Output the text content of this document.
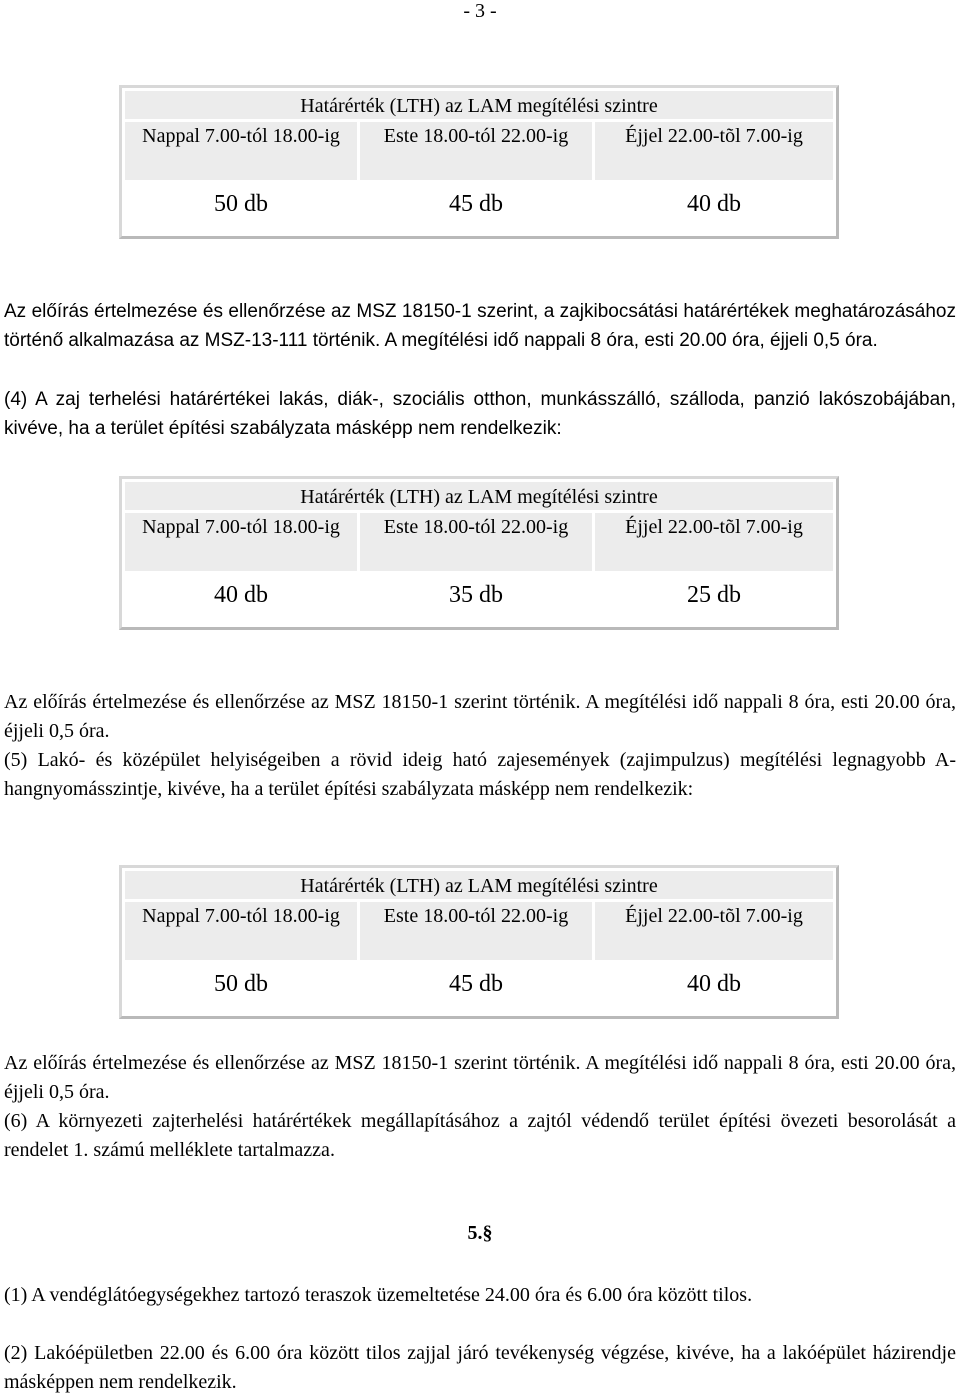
- 3 -
Határérték (LTH) az LAM megítélési szintre
Nappal 7.00-tól 18.00-ig	Este 18.00-tól 22.00-ig	Éjjel 22.00-tõl 7.00-ig
50 db	45 db	40 db

Az előírás értelmezése és ellenőrzése az MSZ 18150-1 szerint, a zajkibocsátási határértékek meghatározásához történő alkalmazása az MSZ-13-111 történik. A megítélési idő nappali 8 óra, esti 20.00 óra, éjjeli 0,5 óra.

(4) A zaj terhelési határértékei lakás, diák-, szociális otthon, munkásszálló, szálloda, panzió lakószobájában, kivéve, ha a terület építési szabályzata másképp nem rendelkezik:

Határérték (LTH) az LAM megítélési szintre
Nappal 7.00-tól 18.00-ig	Este 18.00-tól 22.00-ig	Éjjel 22.00-tõl 7.00-ig
40 db	35 db	25 db

Az előírás értelmezése és ellenőrzése az MSZ 18150-1 szerint történik. A megítélési idő nappali 8 óra, esti 20.00 óra, éjjeli 0,5 óra.

(5) Lakó- és középület helyiségeiben a rövid ideig ható zajesemények (zajimpulzus) megítélési legnagyobb A-hangnyomásszintje, kivéve, ha a terület építési szabályzata másképp nem rendelkezik:

Határérték (LTH) az LAM megítélési szintre
Nappal 7.00-tól 18.00-ig	Este 18.00-tól 22.00-ig	Éjjel 22.00-tõl 7.00-ig
50 db	45 db	40 db

Az előírás értelmezése és ellenőrzése az MSZ 18150-1 szerint történik. A megítélési idő nappali 8 óra, esti 20.00 óra, éjjeli 0,5 óra.

(6) A környezeti zajterhelési határértékek megállapításához a zajtól védendő terület építési övezeti besorolását a rendelet 1. számú melléklete tartalmazza.

5.§

(1) A vendéglátóegységekhez tartozó teraszok üzemeltetése 24.00 óra és 6.00 óra között tilos.

(2) Lakóépületben 22.00 és 6.00 óra között tilos zajjal járó tevékenység végzése, kivéve, ha a lakóépület házirendje másképpen nem rendelkezik.
